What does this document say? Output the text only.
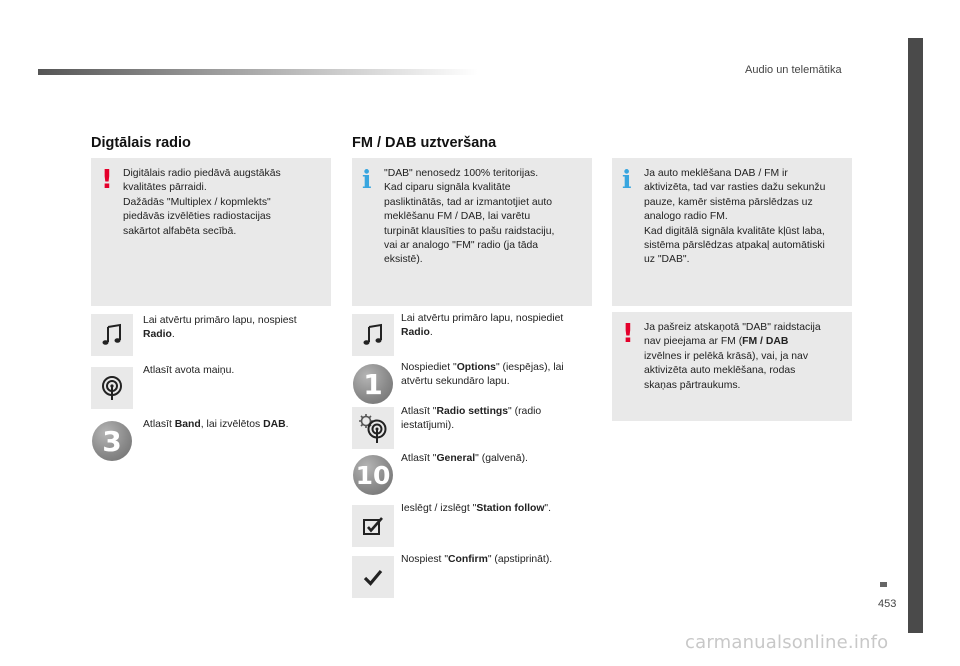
Audio un telemātika
453
Digtālais radio
! Digitālais radio piedāvā augstākās
kvalitātes pārraidi.
Dažādās "Multiplex / kopmlekts"
piedāvās izvēlēties radiostacijas
sakārtot alfabēta secībā.
Lai atvērtu primāro lapu, nospiest
Radio.
Atlasīt avota maiņu.
3	Atlasīt Band, lai izvēlētos DAB.
FM / DAB uztveršana
i "DAB" nenosedz 100% teritorijas.
Kad ciparu signāla kvalitāte
pasliktinātās, tad ar izmantotjiet auto
meklēšanu FM / DAB, lai varētu
turpināt klausīties to pašu raidstaciju,
vai ar analogo "FM" radio (ja tāda
eksistē).
Lai atvērtu primāro lapu, nospiediet
Radio.
1	Nospiediet "Options" (iespējas), lai
atvērtu sekundāro lapu.
Atlasīt "Radio settings" (radio
iestatījumi).
10
Atlasīt "General" (galvenā).
Ieslēgt / izslēgt "Station follow".
Nospiest "Confirm" (apstiprināt).
i Ja auto meklēšana DAB / FM ir
aktivizēta, tad var rasties dažu sekunžu
pauze, kamēr sistēma pārslēdzas uz
analogo radio FM.
Kad digitālā signāla kvalitāte kļūst laba,
sistēma pārslēdzas atpakaļ automātiski
uz "DAB".
! Ja pašreiz atskaņotā "DAB" raidstacija
nav pieejama ar FM (FM / DAB
izvēlnes ir pelēkā krāsā), vai, ja nav
aktivizēta auto meklēšana, rodas
skaņas pārtraukums.
carmanualsonline.info
